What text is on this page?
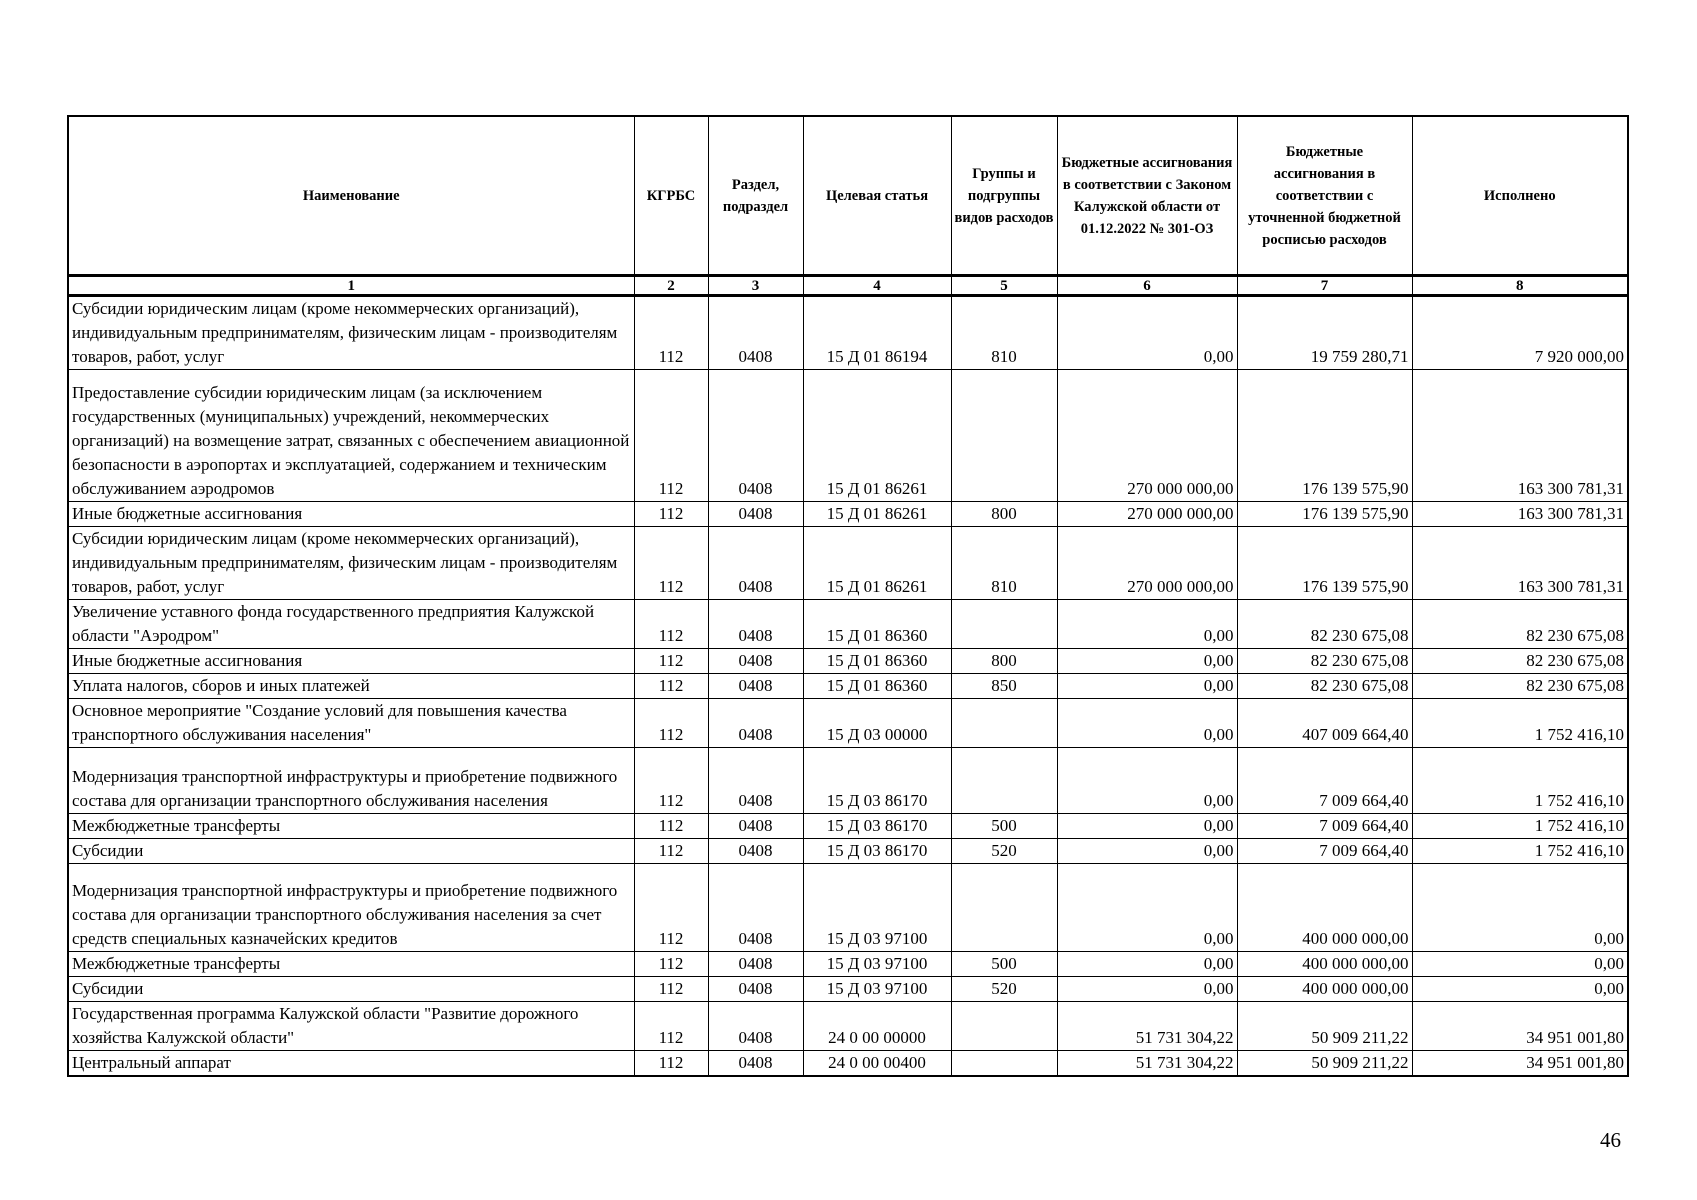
Наименование	КГРБС	Раздел, подраздел	Целевая статья	Группы и подгруппы видов расходов	Бюджетные ассигнования в соответствии с Законом Калужской области от 01.12.2022 № 301-ОЗ	Бюджетные ассигнования в соответствии с уточненной бюджетной росписью расходов	Исполнено
1	2	3	4	5	6	7	8
Субсидии юридическим лицам (кроме некоммерческих организаций), индивидуальным предпринимателям, физическим лицам - производителям товаров, работ, услуг	112	0408	15 Д 01 86194	810	0,00	19 759 280,71	7 920 000,00
Предоставление субсидии юридическим лицам (за исключением государственных (муниципальных) учреждений, некоммерческих организаций) на возмещение затрат, связанных с обеспечением авиационной безопасности в аэропортах и эксплуатацией, содержанием и техническим обслуживанием аэродромов	112	0408	15 Д 01 86261		270 000 000,00	176 139 575,90	163 300 781,31
Иные бюджетные ассигнования	112	0408	15 Д 01 86261	800	270 000 000,00	176 139 575,90	163 300 781,31
Субсидии юридическим лицам (кроме некоммерческих организаций), индивидуальным предпринимателям, физическим лицам - производителям товаров, работ, услуг	112	0408	15 Д 01 86261	810	270 000 000,00	176 139 575,90	163 300 781,31
Увеличение уставного фонда государственного предприятия Калужской области "Аэродром"	112	0408	15 Д 01 86360		0,00	82 230 675,08	82 230 675,08
Иные бюджетные ассигнования	112	0408	15 Д 01 86360	800	0,00	82 230 675,08	82 230 675,08
Уплата налогов, сборов и иных платежей	112	0408	15 Д 01 86360	850	0,00	82 230 675,08	82 230 675,08
Основное мероприятие "Создание условий для повышения качества транспортного обслуживания населения"	112	0408	15 Д 03 00000		0,00	407 009 664,40	1 752 416,10
Модернизация транспортной инфраструктуры и приобретение подвижного состава для организации транспортного обслуживания населения	112	0408	15 Д 03 86170		0,00	7 009 664,40	1 752 416,10
Межбюджетные трансферты	112	0408	15 Д 03 86170	500	0,00	7 009 664,40	1 752 416,10
Субсидии	112	0408	15 Д 03 86170	520	0,00	7 009 664,40	1 752 416,10
Модернизация транспортной инфраструктуры и приобретение подвижного состава для организации транспортного обслуживания населения за счет средств специальных казначейских кредитов	112	0408	15 Д 03 97100		0,00	400 000 000,00	0,00
Межбюджетные трансферты	112	0408	15 Д 03 97100	500	0,00	400 000 000,00	0,00
Субсидии	112	0408	15 Д 03 97100	520	0,00	400 000 000,00	0,00
Государственная программа Калужской области "Развитие дорожного хозяйства Калужской области"	112	0408	24 0 00 00000		51 731 304,22	50 909 211,22	34 951 001,80
Центральный аппарат	112	0408	24 0 00 00400		51 731 304,22	50 909 211,22	34 951 001,80
46
